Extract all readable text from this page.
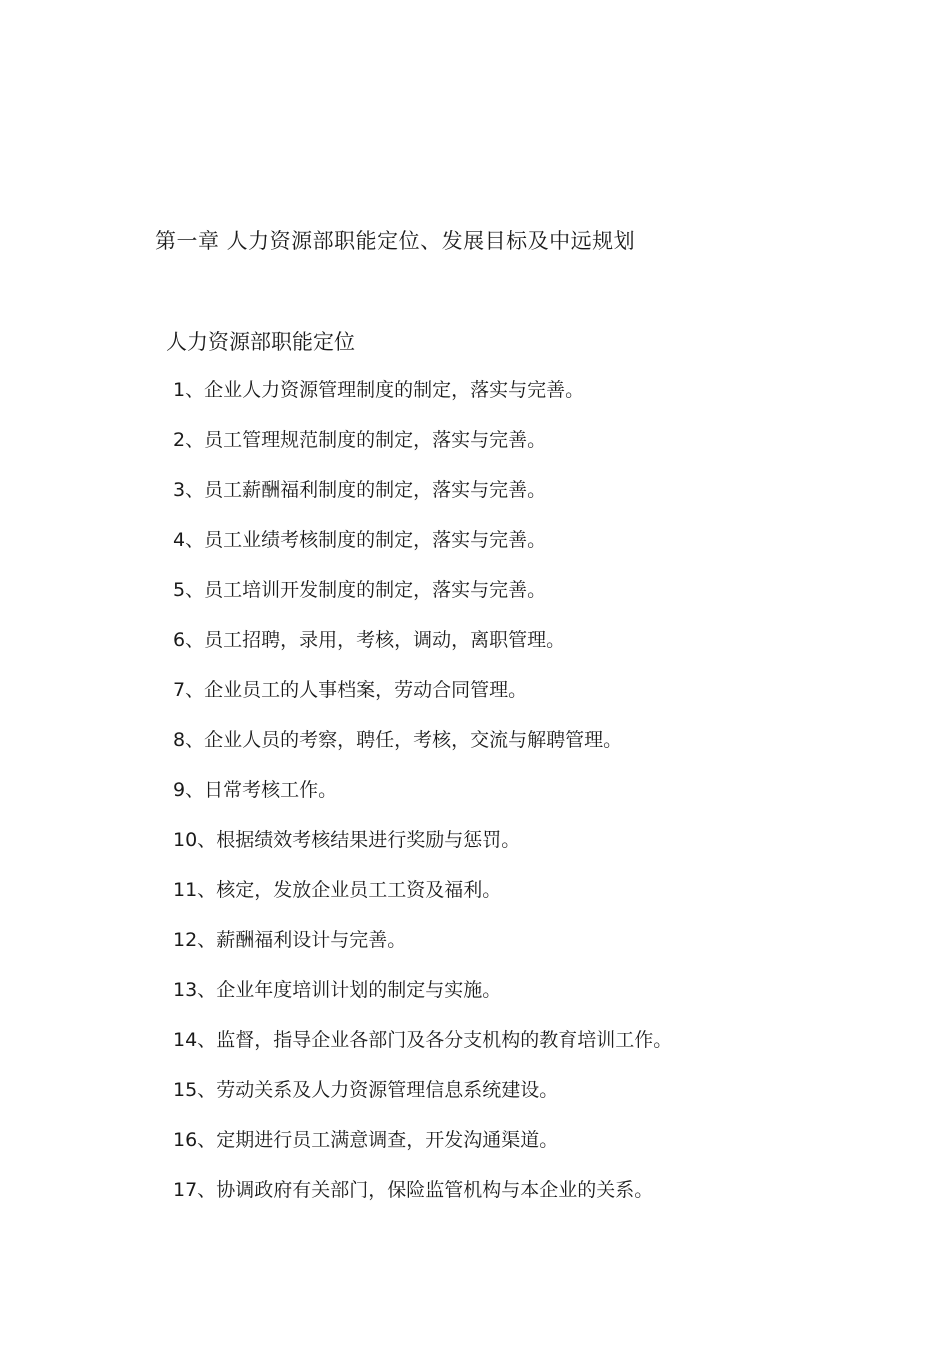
第一章 人力资源部职能定位、发展目标及中远规划
人力资源部职能定位
1、企业人力资源管理制度的制定，落实与完善。
2、员工管理规范制度的制定，落实与完善。
3、员工薪酬福利制度的制定，落实与完善。
4、员工业绩考核制度的制定，落实与完善。
5、员工培训开发制度的制定，落实与完善。
6、员工招聘，录用，考核，调动，离职管理。
7、企业员工的人事档案，劳动合同管理。
8、企业人员的考察，聘任，考核，交流与解聘管理。
9、日常考核工作。
10、根据绩效考核结果进行奖励与惩罚。
11、核定，发放企业员工工资及福利。
12、薪酬福利设计与完善。
13、企业年度培训计划的制定与实施。
14、监督，指导企业各部门及各分支机构的教育培训工作。
15、劳动关系及人力资源管理信息系统建设。
16、定期进行员工满意调查，开发沟通渠道。
17、协调政府有关部门，保险监管机构与本企业的关系。
